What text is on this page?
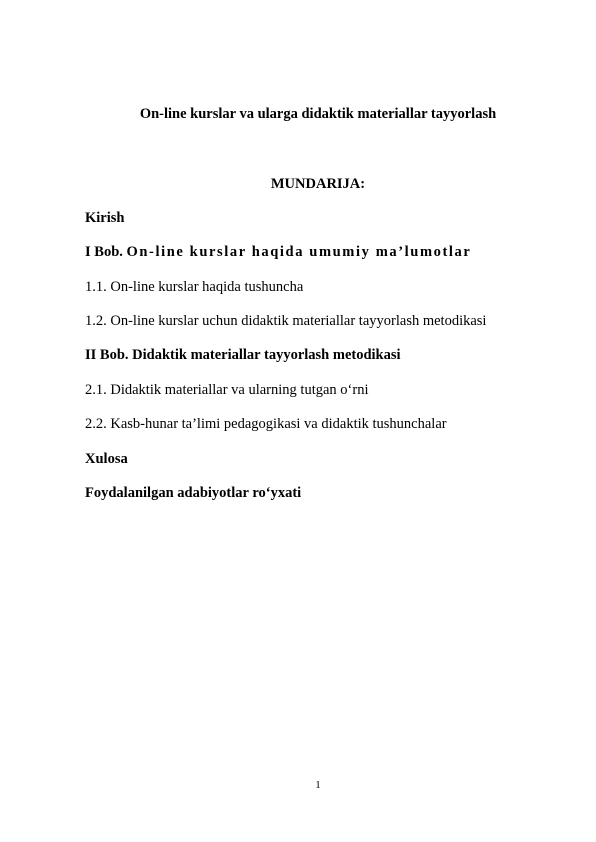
On-line kurslar va ularga didaktik materiallar tayyorlash
MUNDARIJA:
Kirish
I Bob. On-line kurslar haqida umumiy ma’lumotlar
1.1. On-line kurslar haqida tushuncha
1.2. On-line kurslar uchun didaktik materiallar tayyorlash metodikasi
II Bob. Didaktik materiallar tayyorlash metodikasi
2.1. Didaktik materiallar va ularning tutgan o‘rni
2.2. Kasb-hunar ta’limi pedagogikasi va didaktik tushunchalar
Xulosa
Foydalanilgan adabiyotlar ro‘yxati
1
